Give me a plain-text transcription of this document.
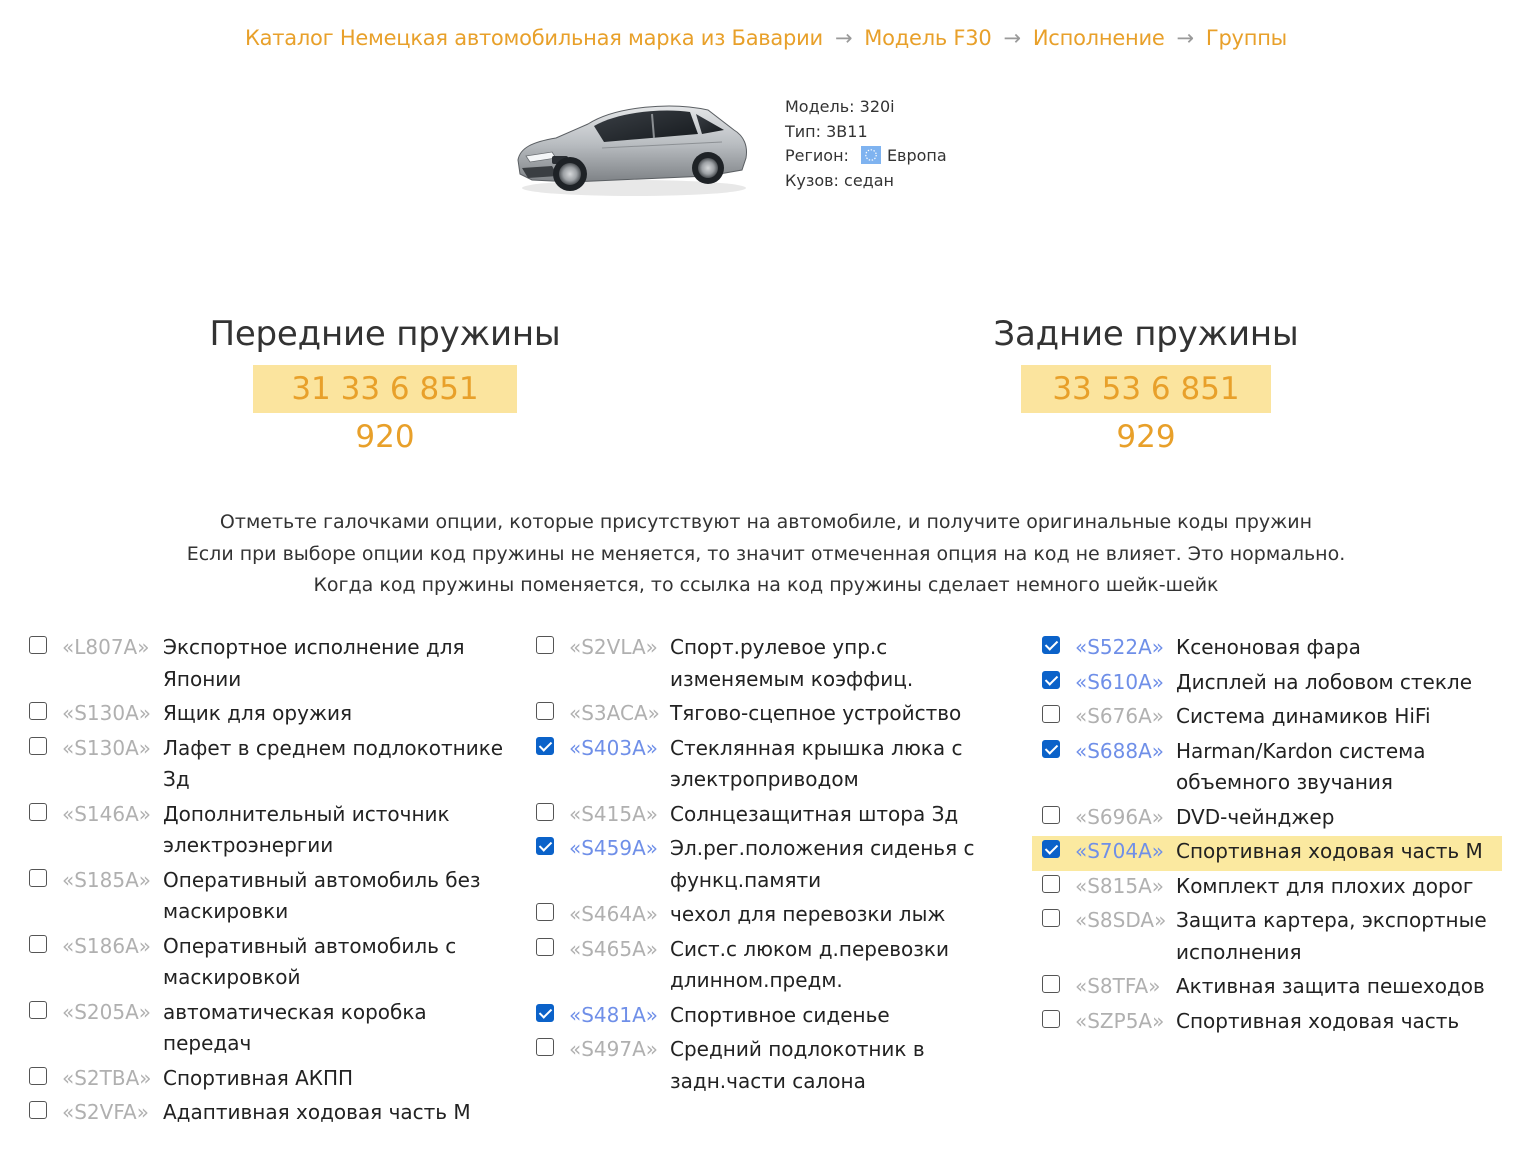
Каталог Немецкая автомобильная марка из Баварии → Модель F30 → Исполнение → Группы
Модель: 320i
Тип: 3B11
Регион: Европа
Кузов: седан
Передние пружины
31 33 6 851 920
Задние пружины
33 53 6 851 929
Отметьте галочками опции, которые присутствуют на автомобиле, и получите оригинальные коды пружин
Если при выборе опции код пружины не меняется, то значит отмеченная опция на код не влияет. Это нормально.
Когда код пружины поменяется, то ссылка на код пружины сделает немного шейк-шейк
«L807A» Экспортное исполнение для Японии
«S130A» Ящик для оружия
«S130A» Лафет в среднем подлокотнике Зд
«S146A» Дополнительный источник электроэнергии
«S185A» Оперативный автомобиль без маскировки
«S186A» Оперативный автомобиль с маскировкой
«S205A» автоматическая коробка передач
«S2TBA» Спортивная АКПП
«S2VFA» Адаптивная ходовая часть M
«S2VLA» Спорт.рулевое упр.с изменяемым коэффиц.
«S3ACA» Тягово-сцепное устройство
«S403A» Стеклянная крышка люка с электроприводом
«S415A» Солнцезащитная штора Зд
«S459A» Эл.рег.положения сиденья с функц.памяти
«S464A» чехол для перевозки лыж
«S465A» Сист.с люком д.перевозки длинном.предм.
«S481A» Спортивное сиденье
«S497A» Средний подлокотник в задн.части салона
«S522A» Ксеноновая фара
«S610A» Дисплей на лобовом стекле
«S676A» Система динамиков HiFi
«S688A» Harman/Kardon система объемного звучания
«S696A» DVD-чейнджер
«S704A» Спортивная ходовая часть M
«S815A» Комплект для плохих дорог
«S8SDA» Защита картера, экспортные исполнения
«S8TFA» Активная защита пешеходов
«SZP5A» Спортивная ходовая часть
